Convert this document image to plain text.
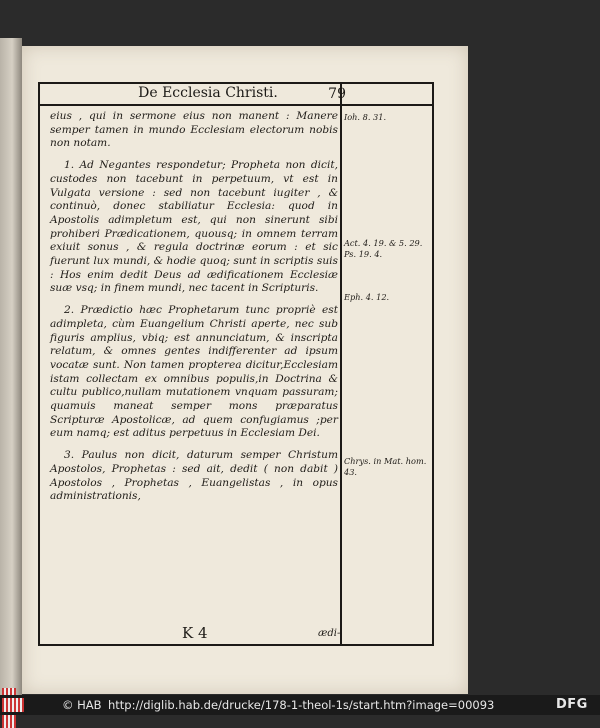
De Ecclesia Christi.	79

eius , qui in sermone eius non manent : Manere semper tamen in mundo Ecclesiam electorum nobis non notam.

1. Ad Negantes respondetur; Propheta non dicit, custodes non tacebunt in perpetuum, vt est in Vulgata versione : sed non tacebunt iugiter , & continuò, donec stabiliatur Ecclesia: quod in Apostolis adimpletum est, qui non sinerunt sibi prohiberi Prædicationem, quousq; in omnem terram exiuit sonus , & regula doctrinæ eorum : et sic fuerunt lux mundi, & hodie quoq; sunt in scriptis suis : Hos enim dedit Deus ad ædificationem Ecclesiæ suæ vsq; in finem mundi, nec tacent in Scripturis.

2. Prædictio hæc Prophetarum tunc propriè est adimpleta, cùm Euangelium Christi aperte, nec sub figuris amplius, vbiq; est annunciatum, & inscripta relatum, & omnes gentes indifferenter ad ipsum vocatæ sunt. Non tamen propterea dicitur,Ecclesiam istam collectam ex omnibus populis,in Doctrina & cultu publico,nullam mutationem vnquam passuram; quamuis maneat semper mons præparatus Scripturæ Apostolicæ, ad quem confugiamus ;per eum namq; est aditus perpetuus in Ecclesiam Dei.

3. Paulus non dicit, daturum semper Christum Apostolos, Prophetas : sed ait, dedit ( non dabit ) Apostolos , Prophetas , Euangelistas , in opus administrationis,

Ioh. 8. 31.
Act. 4. 19. & 5. 29. Ps. 19. 4.
Eph. 4. 12.
Chrys. in Mat. hom. 43.
K 4	ædi-
© HAB http://diglib.hab.de/drucke/178-1-theol-1s/start.htm?image=00093	DFG
